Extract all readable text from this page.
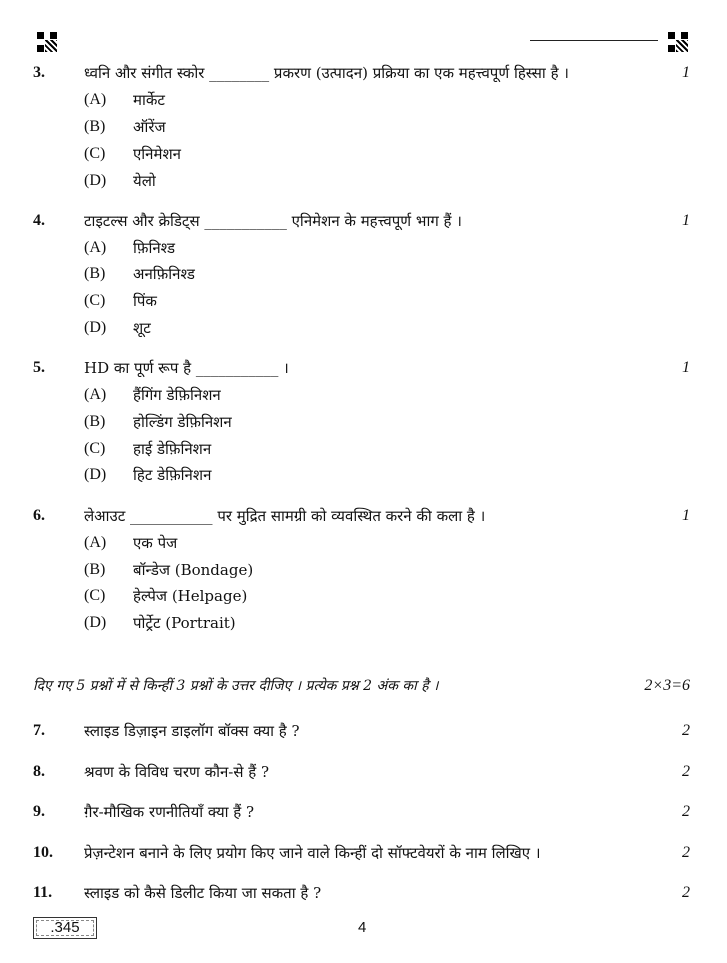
3.	ध्वनि और संगीत स्कोर ________ प्रकरण (उत्पादन) प्रक्रिया का एक महत्त्वपूर्ण हिस्सा है ।	1
(A) मार्केट
(B) ऑरेंज
(C) एनिमेशन
(D) येलो
4.	टाइटल्स और क्रेडिट्स ___________ एनिमेशन के महत्त्वपूर्ण भाग हैं ।	1
(A) फ़िनिश्ड
(B) अनफ़िनिश्ड
(C) पिंक
(D) शूट
5.	HD का पूर्ण रूप है ___________ ।	1
(A) हैंगिंग डेफ़िनिशन
(B) होल्डिंग डेफ़िनिशन
(C) हाई डेफ़िनिशन
(D) हिट डेफ़िनिशन
6.	लेआउट ___________ पर मुद्रित सामग्री को व्यवस्थित करने की कला है ।	1
(A) एक पेज
(B) बॉन्डेज (Bondage)
(C) हेल्पेज (Helpage)
(D) पोर्ट्रेट (Portrait)
दिए गए 5 प्रश्नों में से किन्हीं 3 प्रश्नों के उत्तर दीजिए । प्रत्येक प्रश्न 2 अंक का है ।	2×3=6
7.	स्लाइड डिज़ाइन डाइलॉग बॉक्स क्या है ?	2
8.	श्रवण के विविध चरण कौन-से हैं ?	2
9.	ग़ैर-मौखिक रणनीतियाँ क्या हैं ?	2
10. प्रेज़न्टेशन बनाने के लिए प्रयोग किए जाने वाले किन्हीं दो सॉफ्टवेयरों के नाम लिखिए ।	2
11. स्लाइड को कैसे डिलीट किया जा सकता है ?	2
.345	4
